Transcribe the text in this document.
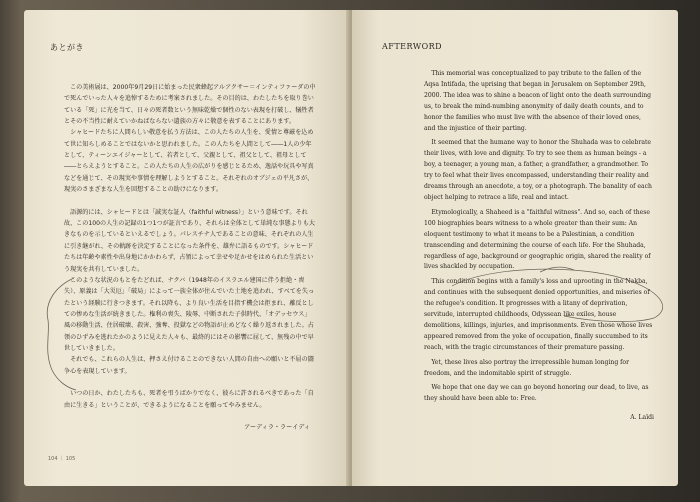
あとがき

この美術展は、2000年9月29日に始まった民衆蜂起アルアクサー＝インティファーダの中で死んでいった人々を追悼するために考案されました。その目的は、わたしたちを取り巻いている「死」に光を当て、日々の死者数という無味乾燥で個性のない表現を打破し、犠牲者とその不当性に耐えていかねばならない遺族の方々に敬意を表することにあります。

シャヒードたちに人間らしい敬意を払う方法は、この人たちの人生を、愛情と尊厳を込めて世に知らしめることではないかと思われました。この人たちを人間として――1人の少年として、ティーンエイジャーとして、若者として、父親として、祖父として、祖母として――とらえようとすること。この人たちの人生の広がりを感じとるため、逸話や玩具や写真などを通じて、その現実や事情を理解しようとすること。それぞれのオブジェの平凡さが、現実のさまざまな人生を回想することの助けになります。

語源的には、シャヒードとは「誠実な証人（faithful witness）」という意味です。それ故、この100の人生の記録の1つ1つが証言であり、それらは全体として単純な事態よりも大きなものを示しているといえるでしょう。パレスチナ人であることの意味、それぞれの人生に引き継がれ、その軌跡を決定することになった条件を、雄弁に語るものです。シャヒードたちは年齢や素性や出身地にかかわらず、占領によって幸せや足かせをはめられた生活という現実を共有していました。

このような状況のもとをたどれば、ナクバ（1948年のイスラエル建国に伴う拒絶・喪失）、原義は「大災厄」「破局」によって一族全体が住んでいた土地を追われ、すべてを失ったという経験に行きつきます。それ以降も、より良い生活を目指す機会は拒まれ、離反としての惨めな生活が続きました。権利の喪失、陵辱、中断された子供時代、「オデッセウス」風の移動生活、住居破壊、殺害、強奪、投獄などの物語が止めどなく繰り返されました。占領のひずみを逃れたかのように見えた人々も、最終的にはその影響に屈して、無残の中で早世していきました。

それでも、これらの人生は、押さえ付けることのできない人間の自由への願いと不屈の闘争心を表現しています。

いつの日か、わたしたちも、死者を弔うばかりでなく、彼らに許されるべきであった「自由に生きる」ということが、できるようになることを願ってやみません。

アーディラ・ラーイディ
104 ｜ 105
AFTERWORD

This memorial was conceptualized to pay tribute to the fallen of the Aqsa Intifada, the uprising that began in Jerusalem on September 29th, 2000. The idea was to shine a beacon of light onto the death surrounding us, to break the mind-numbing anonymity of daily death counts, and to honor the families who must live with the absence of their loved ones, and the injustice of their parting.

It seemed that the humane way to honor the Shuhada was to celebrate their lives, with love and dignity. To try to see them as human beings - a boy, a teenager, a young man, a father, a grandfather, a grandmother. To try to feel what their lives encompassed, understanding their reality and dreams through an anecdote, a toy, or a photograph. The banality of each object helping to retrace a life, real and intact.

Etymologically, a Shaheed is a "faithful witness". And so, each of these 100 biographies bears witness to a whole greater than their sum: An eloquent testimony to what it means to be a Palestinian, a condition transcending and determining the course of each life. For the Shuhada, regardless of age, background or geographic origin, shared the reality of lives shackled by occupation.

This condition begins with a family's loss and uprooting in the Nakba, and continues with the subsequent denied opportunities, and miseries of the refugee's condition. It progresses with a litany of deprivation, servitude, interrupted childhoods, Odyssean like exiles, house demolitions, killings, injuries, and imprisonments. Even those whose lives appeared removed from the yoke of occupation, finally succumbed to its reach, with the tragic circumstances of their premature passing.

Yet, these lives also portray the irrepressible human longing for freedom, and the indomitable spirit of struggle.

We hope that one day we can go beyond honoring our dead, to live, as they should have been able to: Free.

A. Laïdi
